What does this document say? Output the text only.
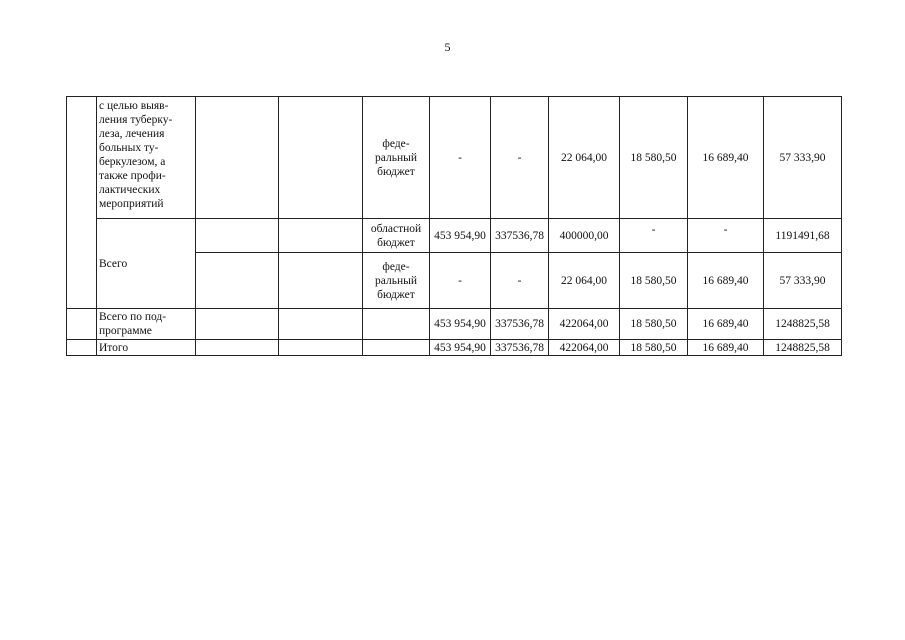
5
	с целью выяв-ления туберку-леза, лечения больных ту-беркулезом, а также профи-лактических мероприятий			феде-ральный бюджет	-	-	22 064,00	18 580,50	16 689,40	57 333,90
	Всего			областной бюджет	453 954,90	337536,78	400000,00	-	-	1191491,68
				феде-ральный бюджет	-	-	22 064,00	18 580,50	16 689,40	57 333,90
	Всего по под-программе				453 954,90	337536,78	422064,00	18 580,50	16 689,40	1248825,58
	Итого				453 954,90	337536,78	422064,00	18 580,50	16 689,40	1248825,58
